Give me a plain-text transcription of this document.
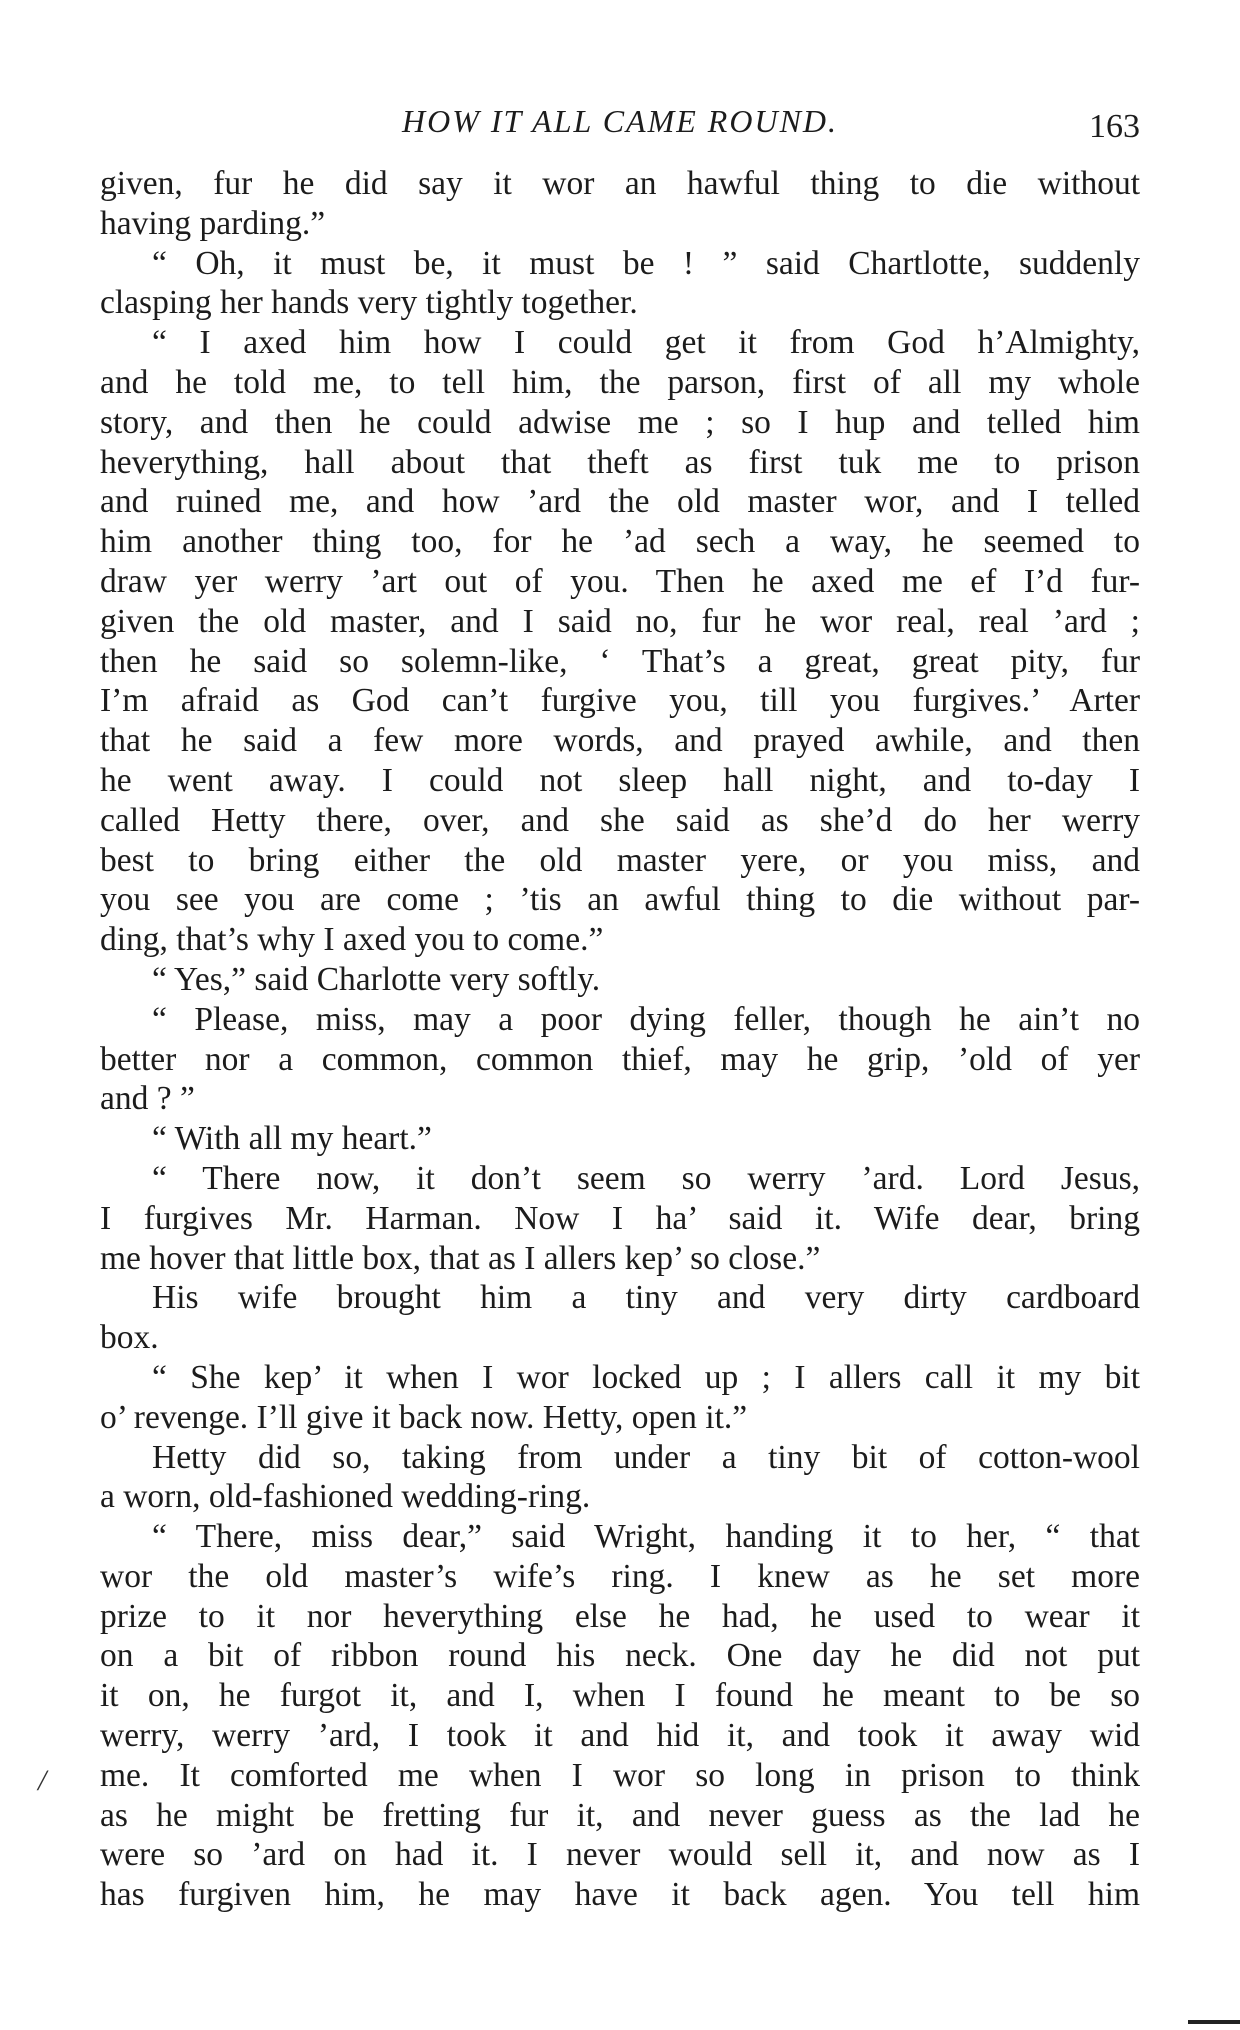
HOW IT ALL CAME ROUND.	163
given, fur he did say it wor an hawful thing to die without
having parding.”
“ Oh, it must be, it must be ! ” said Chartlotte, suddenly
clasping her hands very tightly together.
“ I axed him how I could get it from God h’Almighty,
and he told me, to tell him, the parson, first of all my whole
story, and then he could adwise me ; so I hup and telled him
heverything, hall about that theft as first tuk me to prison
and ruined me, and how ’ard the old master wor, and I telled
him another thing too, for he ’ad sech a way, he seemed to
draw yer werry ’art out of you. Then he axed me ef I’d fur-
given the old master, and I said no, fur he wor real, real ’ard ;
then he said so solemn-like, ‘ That’s a great, great pity, fur
I’m afraid as God can’t furgive you, till you furgives.’ Arter
that he said a few more words, and prayed awhile, and then
he went away. I could not sleep hall night, and to-day I
called Hetty there, over, and she said as she’d do her werry
best to bring either the old master yere, or you miss, and
you see you are come ; ’tis an awful thing to die without par-
ding, that’s why I axed you to come.”
“ Yes,” said Charlotte very softly.
“ Please, miss, may a poor dying feller, though he ain’t no
better nor a common, common thief, may he grip, ’old of yer
and ? ”
“ With all my heart.”
“ There now, it don’t seem so werry ’ard. Lord Jesus,
I furgives Mr. Harman. Now I ha’ said it. Wife dear, bring
me hover that little box, that as I allers kep’ so close.”
His wife brought him a tiny and very dirty cardboard
box.
“ She kep’ it when I wor locked up ; I allers call it my bit
o’ revenge. I’ll give it back now. Hetty, open it.”
Hetty did so, taking from under a tiny bit of cotton-wool
a worn, old-fashioned wedding-ring.
“ There, miss dear,” said Wright, handing it to her, “ that
wor the old master’s wife’s ring. I knew as he set more
prize to it nor heverything else he had, he used to wear it
on a bit of ribbon round his neck. One day he did not put
it on, he furgot it, and I, when I found he meant to be so
werry, werry ’ard, I took it and hid it, and took it away wid
me. It comforted me when I wor so long in prison to think
as he might be fretting fur it, and never guess as the lad he
were so ’ard on had it. I never would sell it, and now as I
has furgiven him, he may have it back agen. You tell him
/
